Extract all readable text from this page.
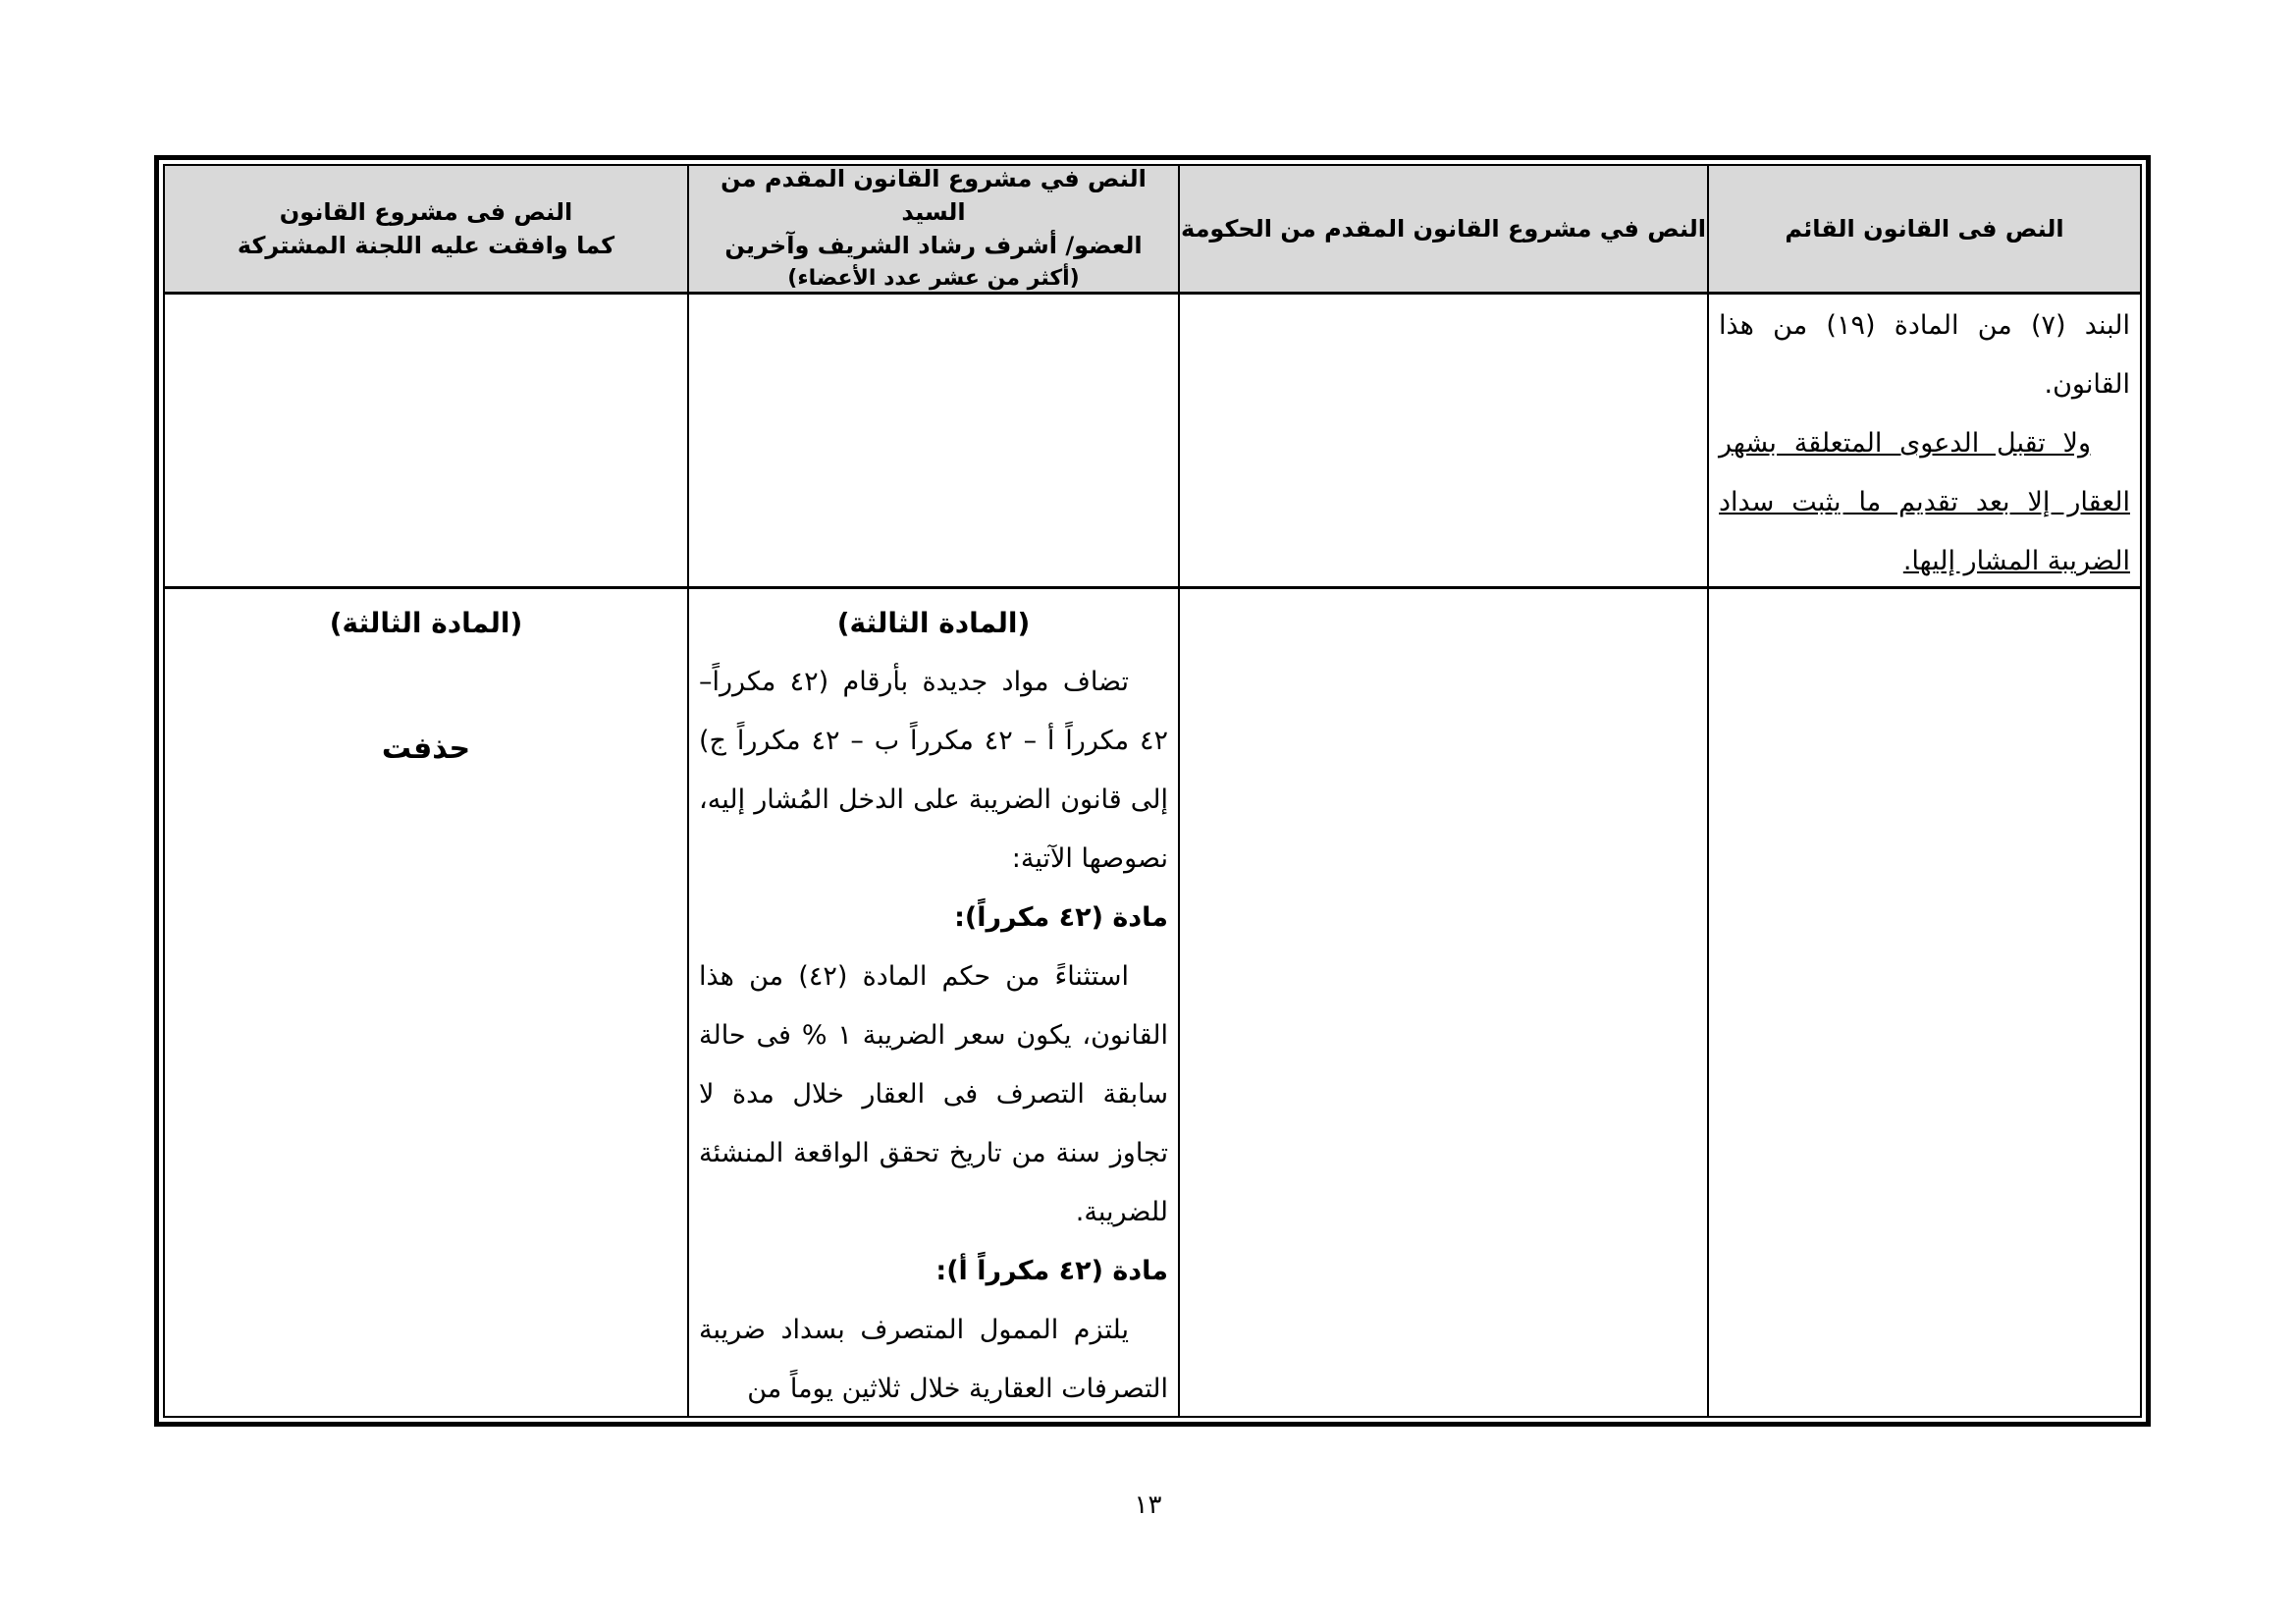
النص فى القانون القائم
النص في مشروع القانون المقدم من الحكومة
النص في مشروع القانون المقدم من السيد
العضو/ أشرف رشاد الشريف وآخرين
(أكثر من عشر عدد الأعضاء)
النص فى مشروع القانون
كما وافقت عليه اللجنة المشتركة

البند (٧) من المادة (١٩) من هذا القانون.

ولا تقبل الدعوى المتعلقة بشهر العقار إلا بعد تقديم ما يثبت سداد الضريبة المشار إليها.

(المادة الثالثة)

تضاف مواد جديدة بأرقام (٤٢ مكرراً– ٤٢ مكرراً أ – ٤٢ مكرراً ب – ٤٢ مكرراً ج) إلى قانون الضريبة على الدخل المُشار إليه، نصوصها الآتية:

مادة (٤٢ مكرراً):

استثناءً من حكم المادة (٤٢) من هذا القانون، يكون سعر الضريبة ١ % فى حالة سابقة التصرف فى العقار خلال مدة لا تجاوز سنة من تاريخ تحقق الواقعة المنشئة للضريبة.

مادة (٤٢ مكرراً أ):

يلتزم الممول المتصرف بسداد ضريبة التصرفات العقارية خلال ثلاثين يوماً من

(المادة الثالثة)
حذفت
١٣
